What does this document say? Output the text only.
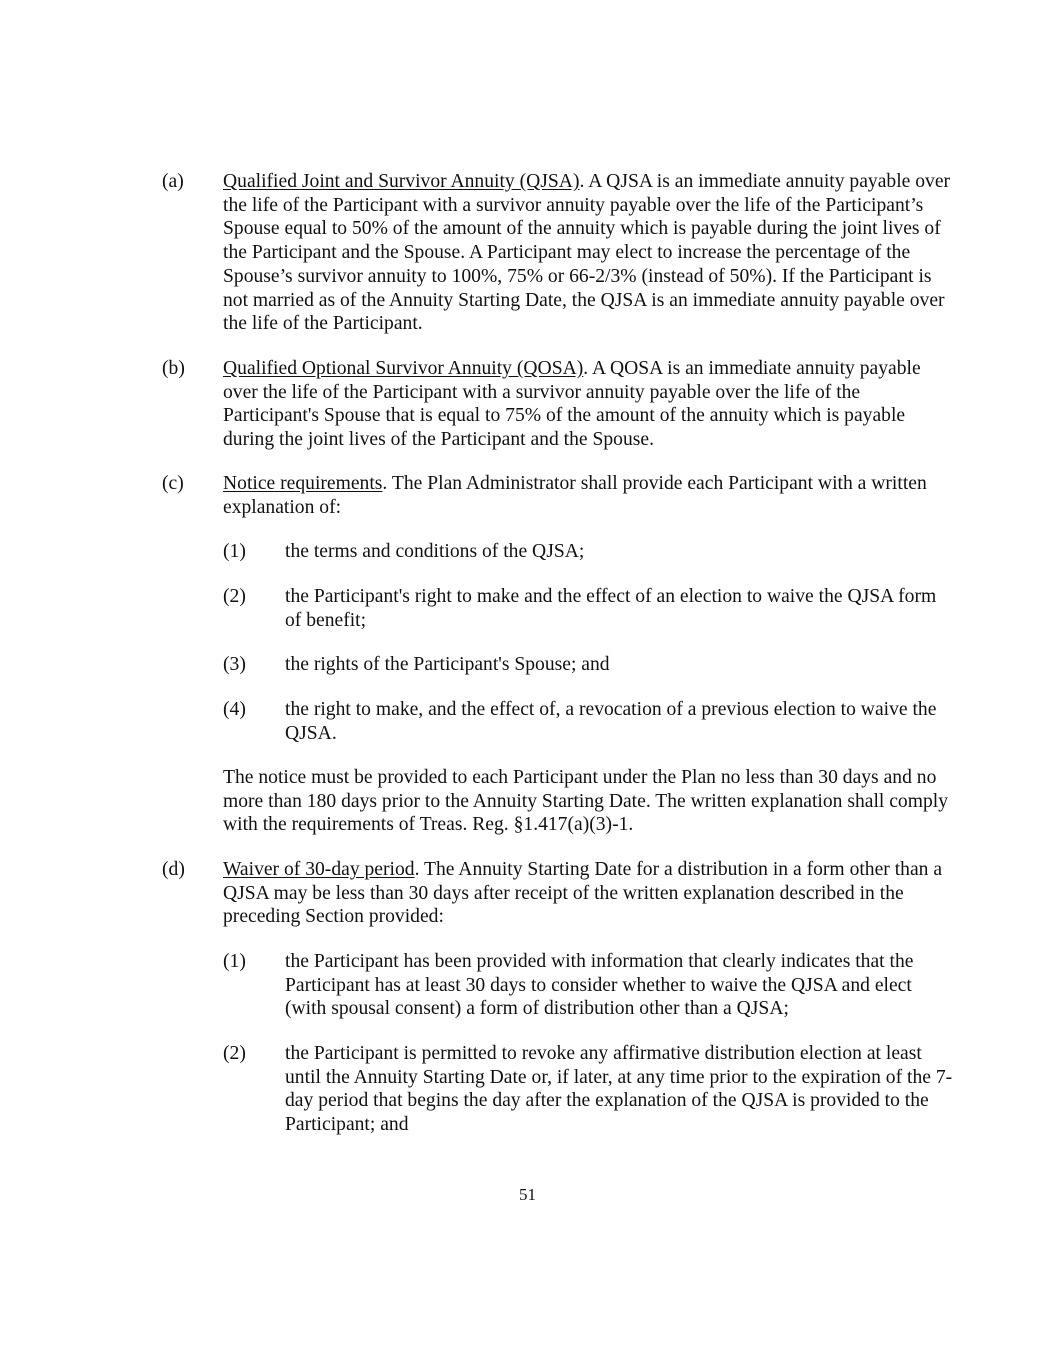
(a) Qualified Joint and Survivor Annuity (QJSA). A QJSA is an immediate annuity payable over the life of the Participant with a survivor annuity payable over the life of the Participant’s Spouse equal to 50% of the amount of the annuity which is payable during the joint lives of the Participant and the Spouse. A Participant may elect to increase the percentage of the Spouse’s survivor annuity to 100%, 75% or 66-2/3% (instead of 50%). If the Participant is not married as of the Annuity Starting Date, the QJSA is an immediate annuity payable over the life of the Participant.
(b) Qualified Optional Survivor Annuity (QOSA). A QOSA is an immediate annuity payable over the life of the Participant with a survivor annuity payable over the life of the Participant's Spouse that is equal to 75% of the amount of the annuity which is payable during the joint lives of the Participant and the Spouse.
(c) Notice requirements. The Plan Administrator shall provide each Participant with a written explanation of:
(1) the terms and conditions of the QJSA;
(2) the Participant's right to make and the effect of an election to waive the QJSA form of benefit;
(3) the rights of the Participant's Spouse; and
(4) the right to make, and the effect of, a revocation of a previous election to waive the QJSA.
The notice must be provided to each Participant under the Plan no less than 30 days and no more than 180 days prior to the Annuity Starting Date. The written explanation shall comply with the requirements of Treas. Reg. §1.417(a)(3)-1.
(d) Waiver of 30-day period. The Annuity Starting Date for a distribution in a form other than a QJSA may be less than 30 days after receipt of the written explanation described in the preceding Section provided:
(1) the Participant has been provided with information that clearly indicates that the Participant has at least 30 days to consider whether to waive the QJSA and elect (with spousal consent) a form of distribution other than a QJSA;
(2) the Participant is permitted to revoke any affirmative distribution election at least until the Annuity Starting Date or, if later, at any time prior to the expiration of the 7-day period that begins the day after the explanation of the QJSA is provided to the Participant; and
51
